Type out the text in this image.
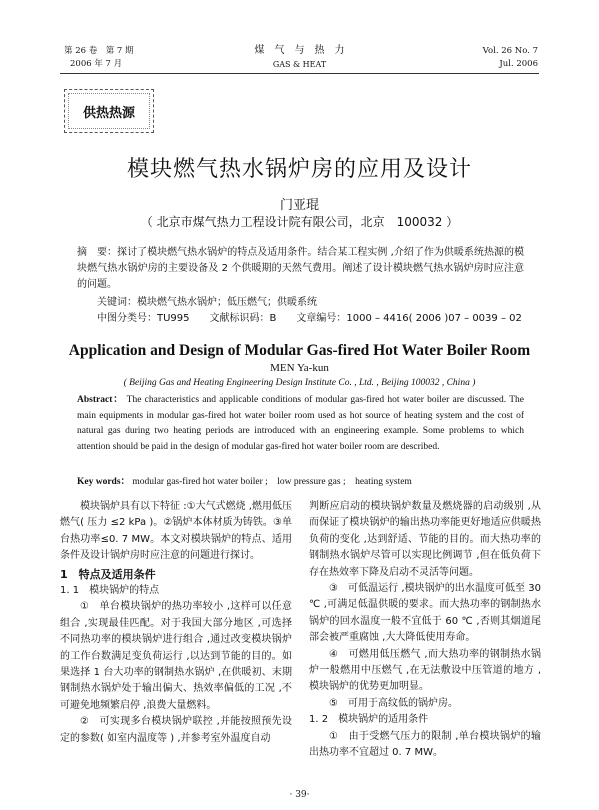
第 26 卷　第 7 期
2006 年 7 月
煤　气　与　热　力
GAS & HEAT
Vol. 26 No. 7
Jul. 2006
供热热源
模块燃气热水锅炉房的应用及设计
门亚琨
（ 北京市煤气热力工程设计院有限公司，北京　100032 ）
摘　要：探讨了模块燃气热水锅炉的特点及适用条件。结合某工程实例 ,介绍了作为供暖系统热源的模块燃气热水锅炉房的主要设备及 2 个供暖期的天然气费用。阐述了设计模块燃气热水锅炉房时应注意的问题。
关键词：模块燃气热水锅炉；低压燃气；供暖系统
中图分类号：TU995　　文献标识码：B　　文章编号：1000 – 4416( 2006 )07 – 0039 – 02
Application and Design of Modular Gas-fired Hot Water Boiler Room
MEN Ya-kun
( Beijing Gas and Heating Engineering Design Institute Co. , Ltd. , Beijing 100032 , China )
Abstract： The characteristics and applicable conditions of modular gas-fired hot water boiler are discussed. The main equipments in modular gas-fired hot water boiler room used as hot source of heating system and the cost of natural gas during two heating periods are introduced with an engineering example. Some problems to which attention should be paid in the design of modular gas-fired hot water boiler room are described.
Key words： modular gas-fired hot water boiler ;　low pressure gas ;　heating system

模块锅炉具有以下特征 :①大气式燃烧 ,燃用低压燃气( 压力 ≤2 kPa )。②锅炉本体材质为铸铁。③单台热功率≤0. 7 MW。本文对模块锅炉的特点、适用条件及设计锅炉房时应注意的问题进行探讨。

1　特点及适用条件

1. 1　模块锅炉的特点

①　单台模块锅炉的热功率较小 ,这样可以任意组合 ,实现最佳匹配。对于我国大部分地区 ,可选择不同热功率的模块锅炉进行组合 ,通过改变模块锅炉的工作台数满足变负荷运行 ,以达到节能的目的。如果选择 1 台大功率的钢制热水锅炉 ,在供暖初、末期钢制热水锅炉处于输出偏大、热效率偏低的工况 ,不可避免地频繁启停 ,浪费大量燃料。

②　可实现多台模块锅炉联控 ,并能按照预先设定的参数( 如室内温度等 ) ,并参考室外温度自动

判断应启动的模块锅炉数量及燃烧器的启动级别 ,从而保证了模块锅炉的输出热功率能更好地适应供暖热负荷的变化 ,达到舒适、节能的目的。而大热功率的钢制热水锅炉尽管可以实现比例调节 ,但在低负荷下存在热效率下降及启动不灵活等问题。

③　可低温运行 ,模块锅炉的出水温度可低至 30 ℃ ,可满足低温供暖的要求。而大热功率的钢制热水锅炉的回水温度一般不宜低于 60 ℃ ,否则其烟道尾部会被严重腐蚀 ,大大降低使用寿命。

④　可燃用低压燃气 ,而大热功率的钢制热水锅炉一般燃用中压燃气 ,在无法敷设中压管道的地方 ,模块锅炉的优势更加明显。

⑤　可用于高纹低的锅炉房。

1. 2　模块锅炉的适用条件

①　由于受燃气压力的限制 ,单台模块锅炉的输出热功率不宜超过 0. 7 MW。

· 39·
